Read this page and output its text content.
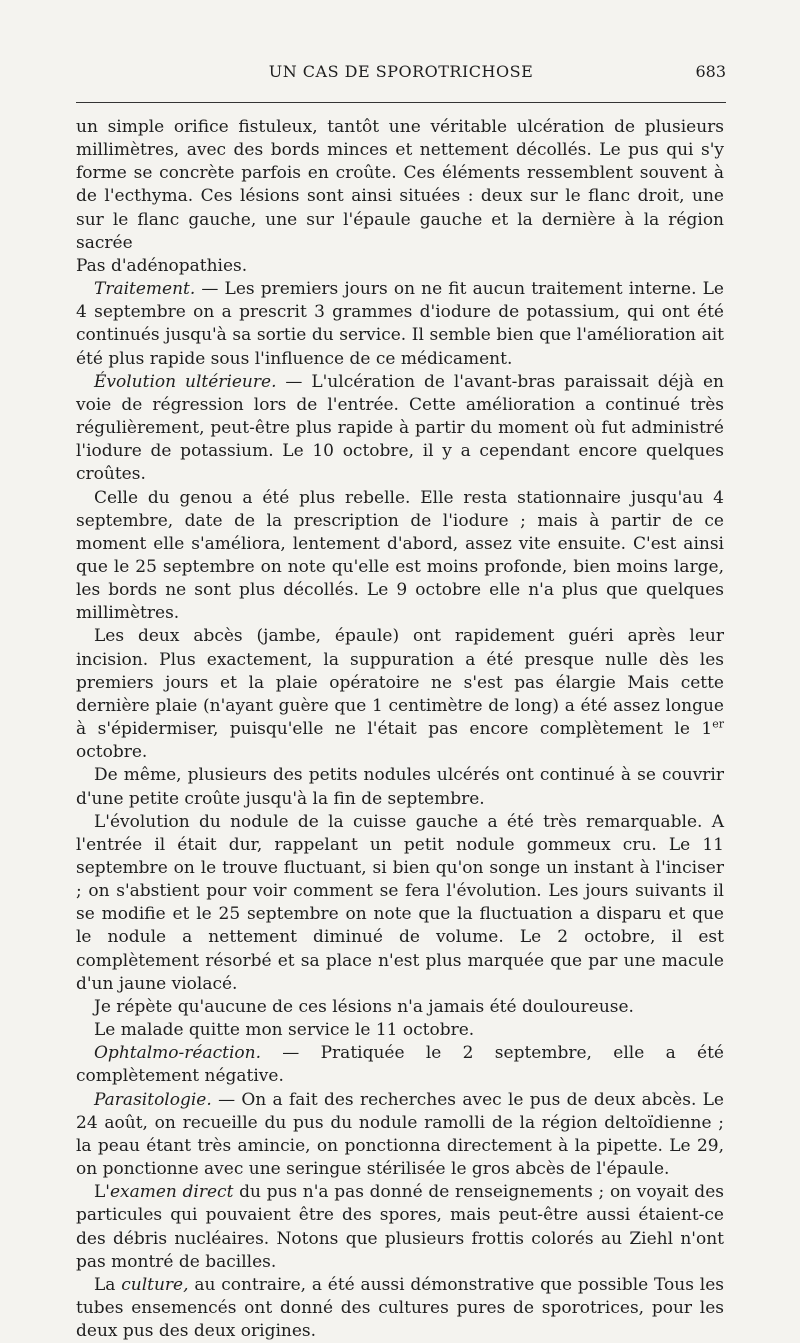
UN CAS DE SPOROTRICHOSE	683

un simple orifice fistuleux, tantôt une véritable ulcération de plusieurs millimètres, avec des bords minces et nettement décollés. Le pus qui s'y forme se concrète parfois en croûte. Ces éléments ressemblent souvent à de l'ecthyma. Ces lésions sont ainsi situées : deux sur le flanc droit, une sur le flanc gauche, une sur l'épaule gauche et la dernière à la région sacrée

Pas d'adénopathies.

Traitement. — Les premiers jours on ne fit aucun traitement interne. Le 4 septembre on a prescrit 3 grammes d'iodure de potassium, qui ont été continués jusqu'à sa sortie du service. Il semble bien que l'amélioration ait été plus rapide sous l'influence de ce médicament.

Évolution ultérieure. — L'ulcération de l'avant-bras paraissait déjà en voie de régression lors de l'entrée. Cette amélioration a continué très régulièrement, peut-être plus rapide à partir du moment où fut administré l'iodure de potassium. Le 10 octobre, il y a cependant encore quelques croûtes.

Celle du genou a été plus rebelle. Elle resta stationnaire jusqu'au 4 septembre, date de la prescription de l'iodure ; mais à partir de ce moment elle s'améliora, lentement d'abord, assez vite ensuite. C'est ainsi que le 25 septembre on note qu'elle est moins profonde, bien moins large, les bords ne sont plus décollés. Le 9 octobre elle n'a plus que quelques millimètres.

Les deux abcès (jambe, épaule) ont rapidement guéri après leur incision. Plus exactement, la suppuration a été presque nulle dès les premiers jours et la plaie opératoire ne s'est pas élargie Mais cette dernière plaie (n'ayant guère que 1 centimètre de long) a été assez longue à s'épidermiser, puisqu'elle ne l'était pas encore complètement le 1er octobre.

De même, plusieurs des petits nodules ulcérés ont continué à se couvrir d'une petite croûte jusqu'à la fin de septembre.

L'évolution du nodule de la cuisse gauche a été très remarquable. A l'entrée il était dur, rappelant un petit nodule gommeux cru. Le 11 septembre on le trouve fluctuant, si bien qu'on songe un instant à l'inciser ; on s'abstient pour voir comment se fera l'évolution. Les jours suivants il se modifie et le 25 septembre on note que la fluctuation a disparu et que le nodule a nettement diminué de volume. Le 2 octobre, il est complètement résorbé et sa place n'est plus marquée que par une macule d'un jaune violacé.

Je répète qu'aucune de ces lésions n'a jamais été douloureuse.

Le malade quitte mon service le 11 octobre.

Ophtalmo-réaction. — Pratiquée le 2 septembre, elle a été complètement négative.

Parasitologie. — On a fait des recherches avec le pus de deux abcès. Le 24 août, on recueille du pus du nodule ramolli de la région deltoïdienne ; la peau étant très amincie, on ponctionna directement à la pipette. Le 29, on ponctionne avec une seringue stérilisée le gros abcès de l'épaule.

L'examen direct du pus n'a pas donné de renseignements ; on voyait des particules qui pouvaient être des spores, mais peut-être aussi étaient-ce des débris nucléaires. Notons que plusieurs frottis colorés au Ziehl n'ont pas montré de bacilles.

La culture, au contraire, a été aussi démonstrative que possible Tous les tubes ensemencés ont donné des cultures pures de sporotrices, pour les deux pus des deux origines.
